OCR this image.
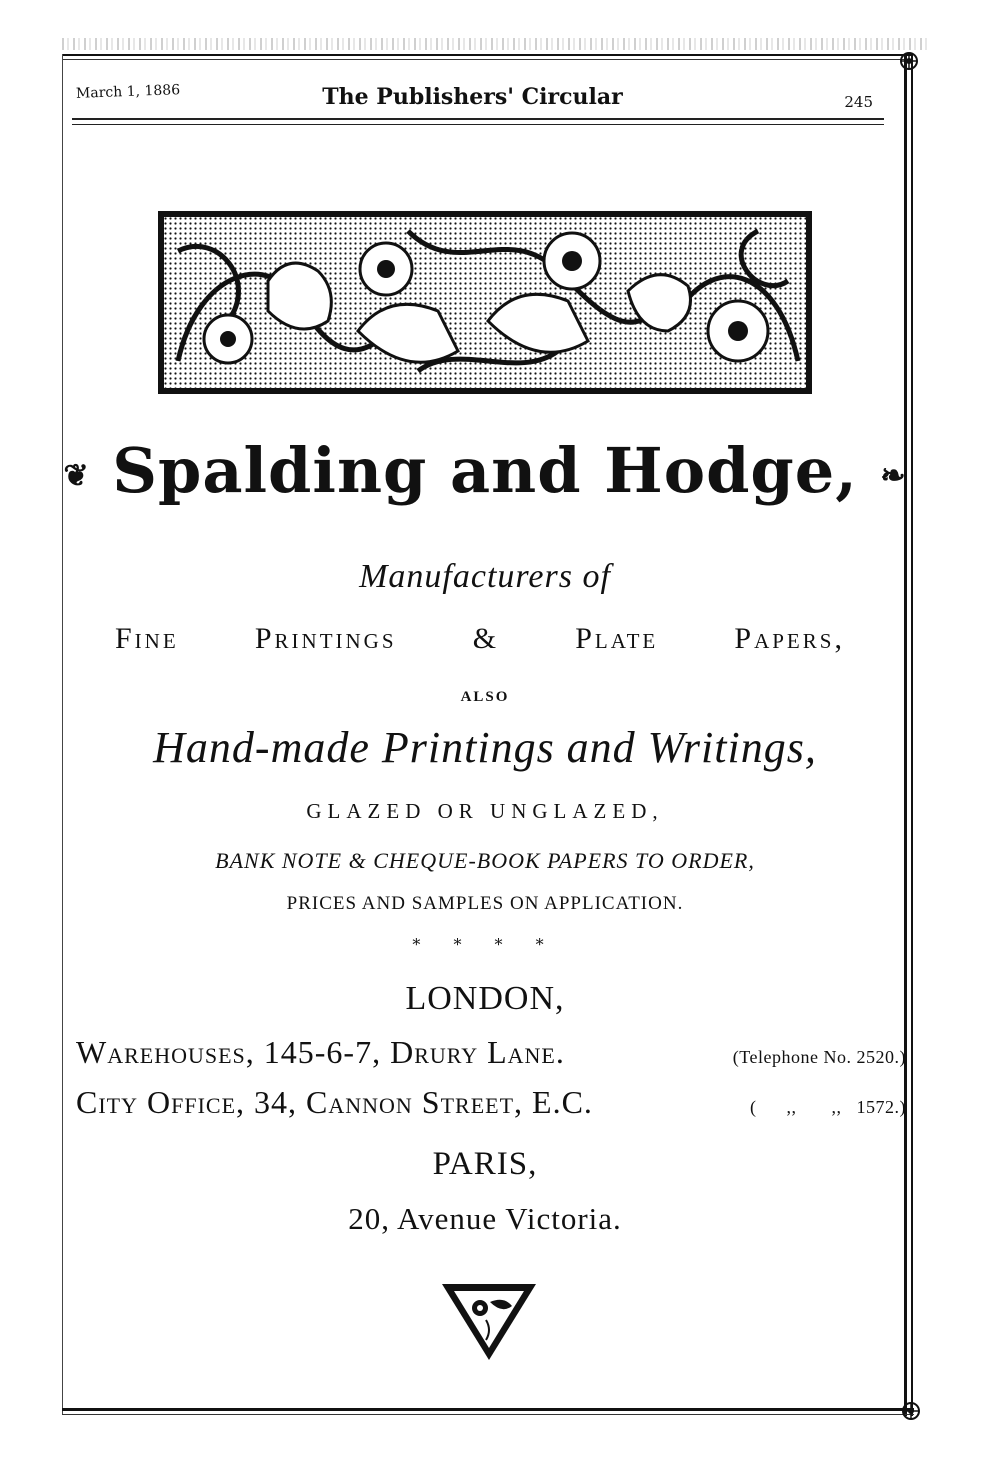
March 1, 1886	The Publishers' Circular	245
❦ Spalding and Hodge, ❧
Manufacturers of
Fine	Printings	&	Plate	Papers,
ALSO
Hand-made Printings and Writings,
GLAZED OR UNGLAZED,
BANK NOTE & CHEQUE-BOOK PAPERS TO ORDER,
PRICES AND SAMPLES ON APPLICATION.
* * * *
LONDON,
Warehouses, 145-6-7, Drury Lane.	(Telephone No. 2520.)
City Office, 34, Cannon Street, E.C.	(      ,,       ,,   1572.)
PARIS,
20, Avenue Victoria.
